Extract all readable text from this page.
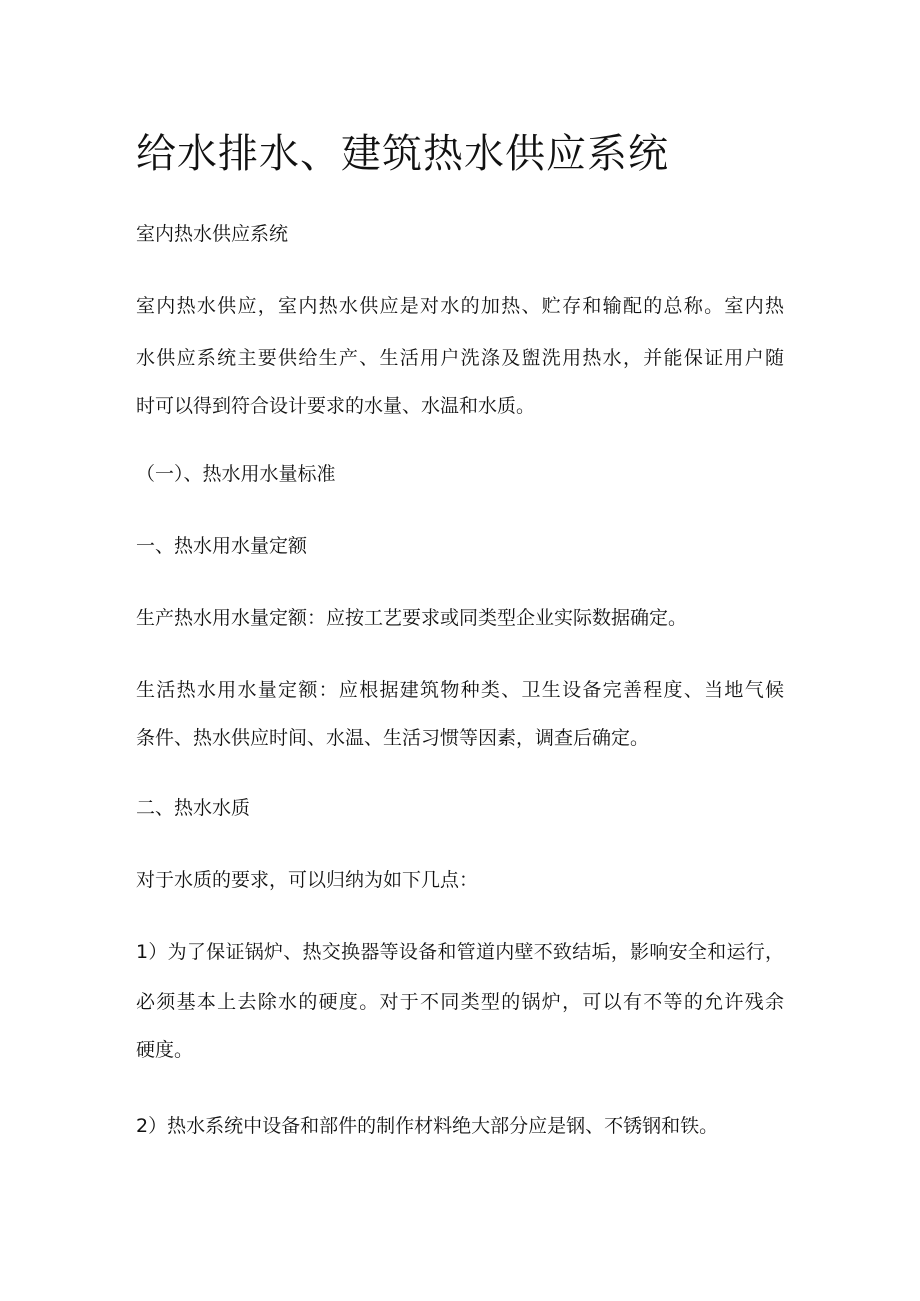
给水排水、建筑热水供应系统

室内热水供应系统

室内热水供应，室内热水供应是对水的加热、贮存和输配的总称。室内热

水供应系统主要供给生产、生活用户洗涤及盥洗用热水，并能保证用户随

时可以得到符合设计要求的水量、水温和水质。

（一）、热水用水量标准

一、热水用水量定额

生产热水用水量定额：应按工艺要求或同类型企业实际数据确定。

生活热水用水量定额：应根据建筑物种类、卫生设备完善程度、当地气候

条件、热水供应时间、水温、生活习惯等因素，调查后确定。

二、热水水质

对于水质的要求，可以归纳为如下几点：

1）为了保证锅炉、热交换器等设备和管道内壁不致结垢，影响安全和运行，

必须基本上去除水的硬度。对于不同类型的锅炉，可以有不等的允许残余

硬度。

2）热水系统中设备和部件的制作材料绝大部分应是钢、不锈钢和铁。
